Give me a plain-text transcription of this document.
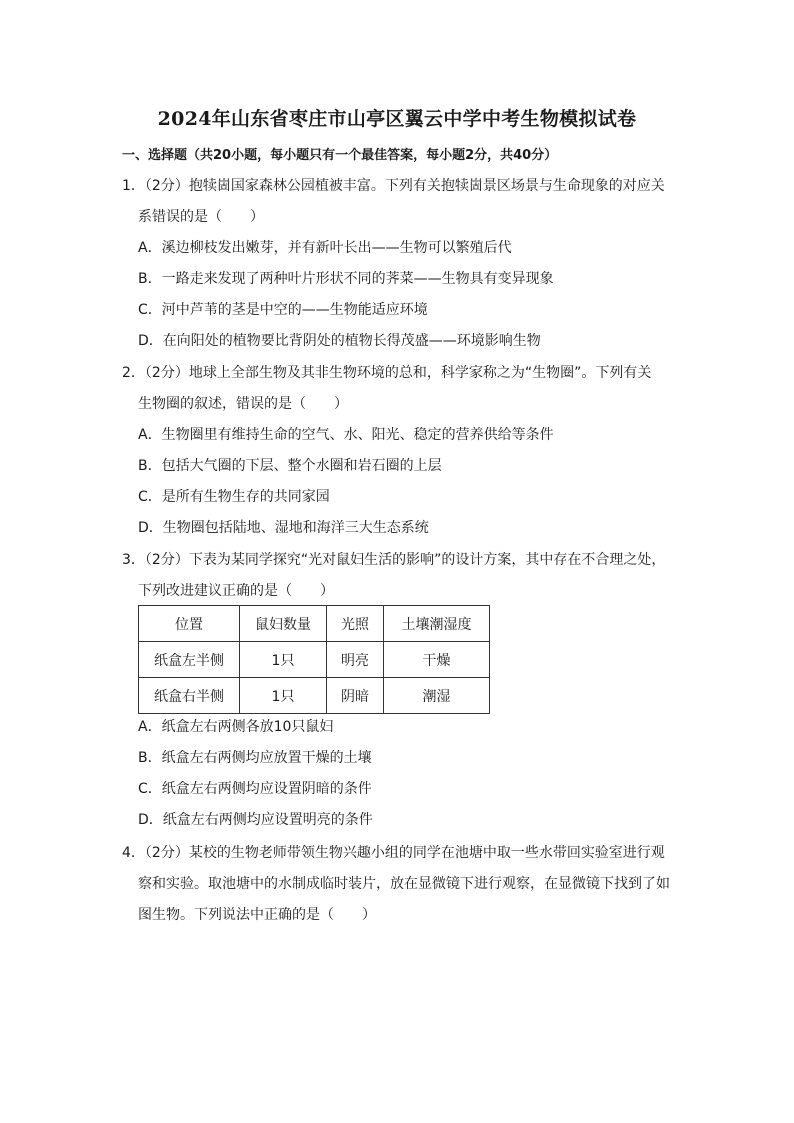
2024年山东省枣庄市山亭区翼云中学中考生物模拟试卷
一、选择题（共20小题，每小题只有一个最佳答案，每小题2分，共40分）
1．（2分）抱犊崮国家森林公园植被丰富。下列有关抱犊崮景区场景与生命现象的对应关
系错误的是（　　）
A．溪边柳枝发出嫩芽，并有新叶长出——生物可以繁殖后代
B．一路走来发现了两种叶片形状不同的荠菜——生物具有变异现象
C．河中芦苇的茎是中空的——生物能适应环境
D．在向阳处的植物要比背阴处的植物长得茂盛——环境影响生物
2．（2分）地球上全部生物及其非生物环境的总和，科学家称之为“生物圈”。下列有关
生物圈的叙述，错误的是（　　）
A．生物圈里有维持生命的空气、水、阳光、稳定的营养供给等条件
B．包括大气圈的下层、整个水圈和岩石圈的上层
C．是所有生物生存的共同家园
D．生物圈包括陆地、湿地和海洋三大生态系统
3．（2分）下表为某同学探究“光对鼠妇生活的影响”的设计方案，其中存在不合理之处，
下列改进建议正确的是（　　）
位置	鼠妇数量	光照	土壤潮湿度
纸盒左半侧	1只	明亮	干燥
纸盒右半侧	1只	阴暗	潮湿
A．纸盒左右两侧各放10只鼠妇
B．纸盒左右两侧均应放置干燥的土壤
C．纸盒左右两侧均应设置阴暗的条件
D．纸盒左右两侧均应设置明亮的条件
4．（2分）某校的生物老师带领生物兴趣小组的同学在池塘中取一些水带回实验室进行观
察和实验。取池塘中的水制成临时装片，放在显微镜下进行观察，在显微镜下找到了如
图生物。下列说法中正确的是（　　）
